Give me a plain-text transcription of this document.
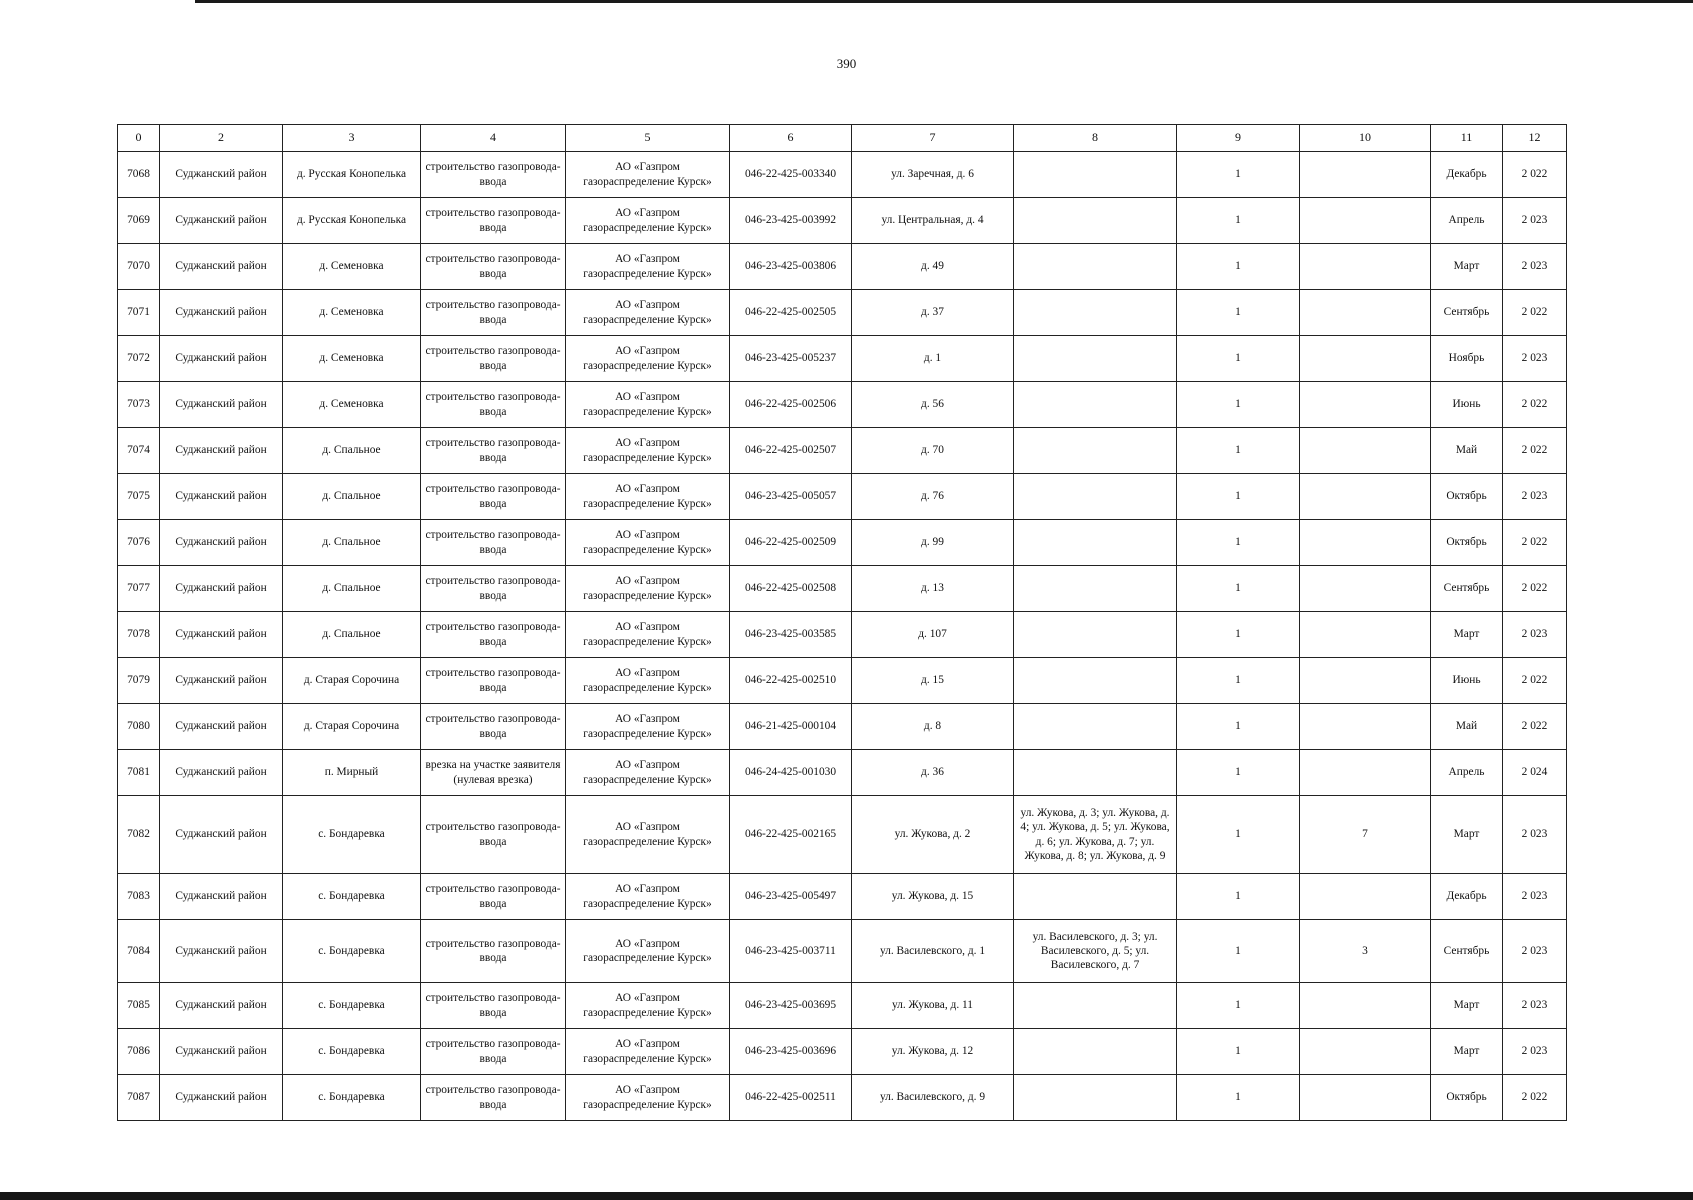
390
0	2	3	4	5	6	7	8	9	10	11	12
7068	Суджанский район	д. Русская Конопелька	строительство газопровода-ввода	АО «Газпром газораспределение Курск»	046-22-425-003340	ул. Заречная, д. 6		1		Декабрь	2 022
7069	Суджанский район	д. Русская Конопелька	строительство газопровода-ввода	АО «Газпром газораспределение Курск»	046-23-425-003992	ул. Центральная, д. 4		1		Апрель	2 023
7070	Суджанский район	д. Семеновка	строительство газопровода-ввода	АО «Газпром газораспределение Курск»	046-23-425-003806	д. 49		1		Март	2 023
7071	Суджанский район	д. Семеновка	строительство газопровода-ввода	АО «Газпром газораспределение Курск»	046-22-425-002505	д. 37		1		Сентябрь	2 022
7072	Суджанский район	д. Семеновка	строительство газопровода-ввода	АО «Газпром газораспределение Курск»	046-23-425-005237	д. 1		1		Ноябрь	2 023
7073	Суджанский район	д. Семеновка	строительство газопровода-ввода	АО «Газпром газораспределение Курск»	046-22-425-002506	д. 56		1		Июнь	2 022
7074	Суджанский район	д. Спальное	строительство газопровода-ввода	АО «Газпром газораспределение Курск»	046-22-425-002507	д. 70		1		Май	2 022
7075	Суджанский район	д. Спальное	строительство газопровода-ввода	АО «Газпром газораспределение Курск»	046-23-425-005057	д. 76		1		Октябрь	2 023
7076	Суджанский район	д. Спальное	строительство газопровода-ввода	АО «Газпром газораспределение Курск»	046-22-425-002509	д. 99		1		Октябрь	2 022
7077	Суджанский район	д. Спальное	строительство газопровода-ввода	АО «Газпром газораспределение Курск»	046-22-425-002508	д. 13		1		Сентябрь	2 022
7078	Суджанский район	д. Спальное	строительство газопровода-ввода	АО «Газпром газораспределение Курск»	046-23-425-003585	д. 107		1		Март	2 023
7079	Суджанский район	д. Старая Сорочина	строительство газопровода-ввода	АО «Газпром газораспределение Курск»	046-22-425-002510	д. 15		1		Июнь	2 022
7080	Суджанский район	д. Старая Сорочина	строительство газопровода-ввода	АО «Газпром газораспределение Курск»	046-21-425-000104	д. 8		1		Май	2 022
7081	Суджанский район	п. Мирный	врезка на участке заявителя (нулевая врезка)	АО «Газпром газораспределение Курск»	046-24-425-001030	д. 36		1		Апрель	2 024
7082	Суджанский район	с. Бондаревка	строительство газопровода-ввода	АО «Газпром газораспределение Курск»	046-22-425-002165	ул. Жукова, д. 2	ул. Жукова, д. 3; ул. Жукова, д. 4; ул. Жукова, д. 5; ул. Жукова, д. 6; ул. Жукова, д. 7; ул. Жукова, д. 8; ул. Жукова, д. 9	1	7	Март	2 023
7083	Суджанский район	с. Бондаревка	строительство газопровода-ввода	АО «Газпром газораспределение Курск»	046-23-425-005497	ул. Жукова, д. 15		1		Декабрь	2 023
7084	Суджанский район	с. Бондаревка	строительство газопровода-ввода	АО «Газпром газораспределение Курск»	046-23-425-003711	ул. Василевского, д. 1	ул. Василевского, д. 3; ул. Василевского, д. 5; ул. Василевского, д. 7	1	3	Сентябрь	2 023
7085	Суджанский район	с. Бондаревка	строительство газопровода-ввода	АО «Газпром газораспределение Курск»	046-23-425-003695	ул. Жукова, д. 11		1		Март	2 023
7086	Суджанский район	с. Бондаревка	строительство газопровода-ввода	АО «Газпром газораспределение Курск»	046-23-425-003696	ул. Жукова, д. 12		1		Март	2 023
7087	Суджанский район	с. Бондаревка	строительство газопровода-ввода	АО «Газпром газораспределение Курск»	046-22-425-002511	ул. Василевского, д. 9		1		Октябрь	2 022
